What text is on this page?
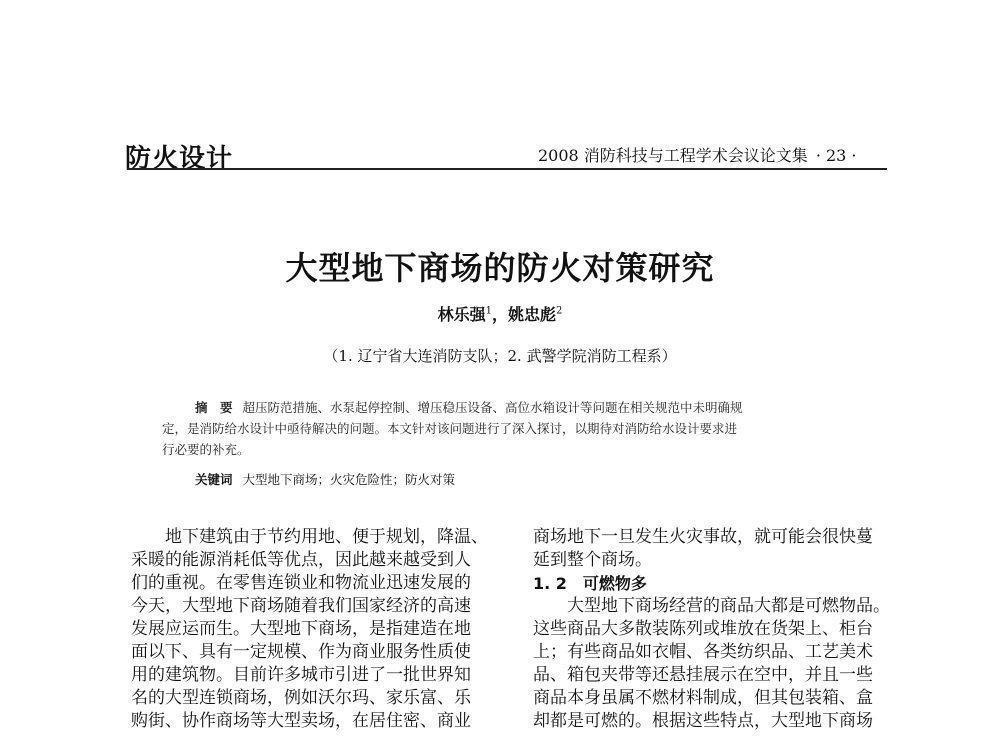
防火设计	2008 消防科技与工程学术会议论文集 · 23 ·
大型地下商场的防火对策研究
林乐强$^1$，姚忠彪$^2$
（1. 辽宁省大连消防支队；2. 武警学院消防工程系）
摘　要 超压防范措施、水泵起停控制、增压稳压设备、高位水箱设计等问题在相关规范中未明确规
定，是消防给水设计中亟待解决的问题。本文针对该问题进行了深入探讨，以期待对消防给水设计要求进
行必要的补充。
关键词 大型地下商场；火灾危险性；防火对策
　　地下建筑由于节约用地、便于规划，降温、
采暖的能源消耗低等优点，因此越来越受到人
们的重视。在零售连锁业和物流业迅速发展的
今天，大型地下商场随着我们国家经济的高速
发展应运而生。大型地下商场，是指建造在地
面以下、具有一定规模、作为商业服务性质使
用的建筑物。目前许多城市引进了一批世界知
名的大型连锁商场，例如沃尔玛、家乐富、乐
购街、协作商场等大型卖场，在居住密、商业
商场地下一旦发生火灾事故，就可能会很快蔓
延到整个商场。
1. 2　可燃物多
　　大型地下商场经营的商品大都是可燃物品。
这些商品大多散装陈列或堆放在货架上、柜台
上；有些商品如衣帽、各类纺织品、工艺美术
品、箱包夹带等还悬挂展示在空中，并且一些
商品本身虽属不燃材料制成，但其包装箱、盒
却都是可燃的。根据这些特点，大型地下商场
